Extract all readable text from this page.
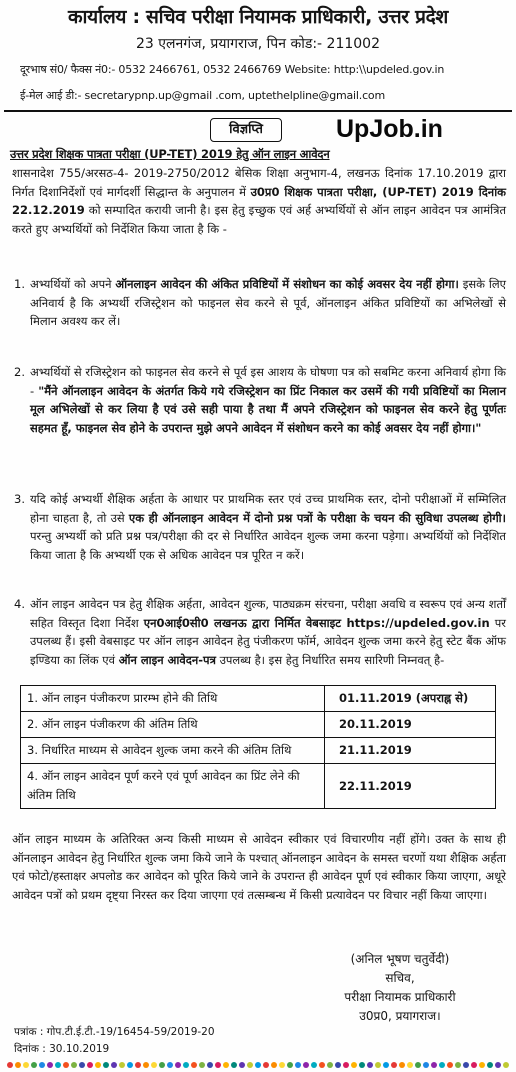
कार्यालय : सचिव परीक्षा नियामक प्राधिकारी, उत्तर प्रदेश
23 एलनगंज, प्रयागराज, पिन कोड:- 211002
दूरभाष सं0/ फैक्स नं0:- 0532 2466761, 0532 2466769 Website: http:\\updeled.gov.in
ई-मेल आई डी:- secretarypnp.up@gmail .com, uptethelpline@gmail.com
विज्ञप्ति	UpJob.in
उत्तर प्रदेश शिक्षक पात्रता परीक्षा (UP-TET) 2019 हेतु ऑन लाइन आवेदन
शासनादेश 755/अरसठ-4- 2019-2750/2012 बेसिक शिक्षा अनुभाग-4, लखनऊ दिनांक 17.10.2019 द्वारा निर्गत दिशानिर्देशों एवं मार्गदर्शी सिद्धान्त के अनुपालन में उ0प्र0 शिक्षक पात्रता परीक्षा, (UP-TET) 2019 दिनांक 22.12.2019 को सम्पादित करायी जानी है। इस हेतु इच्छुक एवं अर्ह अभ्यर्थियों से ऑन लाइन आवेदन पत्र आमंत्रित करते हुए अभ्यर्थियों को निर्देशित किया जाता है कि -
1. अभ्यर्थियों को अपने ऑनलाइन आवेदन की अंकित प्रविष्टियों में संशोधन का कोई अवसर देय नहीं होगा। इसके लिए अनिवार्य है कि अभ्यर्थी रजिस्ट्रेशन को फाइनल सेव करने से पूर्व, ऑनलाइन अंकित प्रविष्टियों का अभिलेखों से मिलान अवश्य कर लें।
2. अभ्यर्थियों से रजिस्ट्रेशन को फाइनल सेव करने से पूर्व इस आशय के घोषणा पत्र को सबमिट करना अनिवार्य होगा कि - "मैंने ऑनलाइन आवेदन के अंतर्गत किये गये रजिस्ट्रेशन का प्रिंट निकाल कर उसमें की गयी प्रविष्टियों का मिलान मूल अभिलेखों से कर लिया है एवं उसे सही पाया है तथा मैं अपने रजिस्ट्रेशन को फाइनल सेव करने हेतु पूर्णतः सहमत हूँ, फाइनल सेव होने के उपरान्त मुझे अपने आवेदन में संशोधन करने का कोई अवसर देय नहीं होगा।"
3. यदि कोई अभ्यर्थी शैक्षिक अर्हता के आधार पर प्राथमिक स्तर एवं उच्च प्राथमिक स्तर, दोनो परीक्षाओं में सम्मिलित होना चाहता है, तो उसे एक ही ऑनलाइन आवेदन में दोनो प्रश्न पत्रों के परीक्षा के चयन की सुविधा उपलब्ध होगी। परन्तु अभ्यर्थी को प्रति प्रश्न पत्र/परीक्षा की दर से निर्धारित आवेदन शुल्क जमा करना पड़ेगा। अभ्यर्थियों को निर्देशित किया जाता है कि अभ्यर्थी एक से अधिक आवेदन पत्र पूरित न करें।
4. ऑन लाइन आवेदन पत्र हेतु शैक्षिक अर्हता, आवेदन शुल्क, पाठ्यक्रम संरचना, परीक्षा अवधि व स्वरूप एवं अन्य शर्तों सहित विस्तृत दिशा निर्देश एन0आई0सी0 लखनऊ द्वारा निर्मित वेबसाइट https://updeled.gov.in पर उपलब्ध हैं। इसी वेबसाइट पर ऑन लाइन आवेदन हेतु पंजीकरण फॉर्म, आवेदन शुल्क जमा करने हेतु स्टेट बैंक ऑफ इण्डिया का लिंक एवं ऑन लाइन आवेदन-पत्र उपलब्ध है। इस हेतु निर्धारित समय सारिणी निम्नवत् है-
1. ऑन लाइन पंजीकरण प्रारम्भ होने की तिथि	01.11.2019 (अपराह्न से)
2. ऑन लाइन पंजीकरण की अंतिम तिथि	20.11.2019
3. निर्धारित माध्यम से आवेदन शुल्क जमा करने की अंतिम तिथि	21.11.2019
4. ऑन लाइन आवेदन पूर्ण करने एवं पूर्ण आवेदन का प्रिंट लेने की अंतिम तिथि	22.11.2019
ऑन लाइन माध्यम के अतिरिक्त अन्य किसी माध्यम से आवेदन स्वीकार एवं विचारणीय नहीं होंगे। उक्त के साथ ही ऑनलाइन आवेदन हेतु निर्धारित शुल्क जमा किये जाने के पश्चात् ऑनलाइन आवेदन के समस्त चरणों यथा शैक्षिक अर्हता एवं फोटो/हस्ताक्षर अपलोड कर आवेदन को पूरित किये जाने के उपरान्त ही आवेदन पूर्ण एवं स्वीकार किया जाएगा, अधूरे आवेदन पत्रों को प्रथम दृष्ट्या निरस्त कर दिया जाएगा एवं तत्सम्बन्ध में किसी प्रत्यावेदन पर विचार नहीं किया जाएगा।
(अनिल भूषण चतुर्वेदी)
सचिव,
परीक्षा नियामक प्राधिकारी
उ0प्र0, प्रयागराज।
पत्रांक : गोप.टी.ई.टी.-19/16454-59/2019-20
दिनांक : 30.10.2019
